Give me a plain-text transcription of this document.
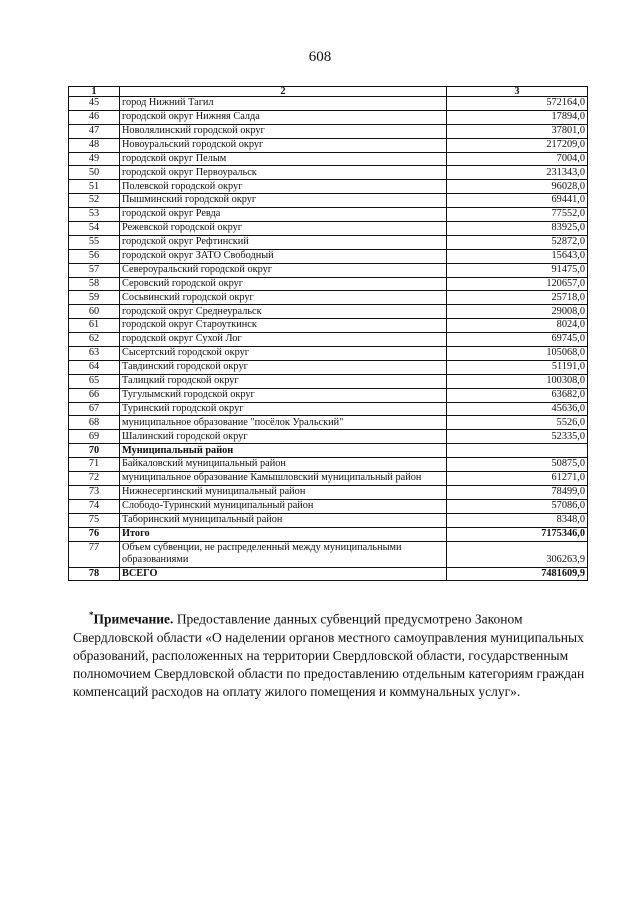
608
1	2	3
45	город Нижний Тагил	572164,0
46	городской округ Нижняя Салда	17894,0
47	Новолялинский городской округ	37801,0
48	Новоуральский городской округ	217209,0
49	городской округ Пелым	7004,0
50	городской округ Первоуральск	231343,0
51	Полевской городской округ	96028,0
52	Пышминский городской округ	69441,0
53	городской округ Ревда	77552,0
54	Режевской городской округ	83925,0
55	городской округ Рефтинский	52872,0
56	городской округ ЗАТО Свободный	15643,0
57	Североуральский городской округ	91475,0
58	Серовский городской округ	120657,0
59	Сосьвинский городской округ	25718,0
60	городской округ Среднеуральск	29008,0
61	городской округ Староуткинск	8024,0
62	городской округ Сухой Лог	69745,0
63	Сысертский городской округ	105068,0
64	Тавдинский городской округ	51191,0
65	Талицкий городской округ	100308,0
66	Тугулымский городской округ	63682,0
67	Туринский городской округ	45636,0
68	муниципальное образование "посёлок Уральский"	5526,0
69	Шалинский городской округ	52335,0
70	Муниципальный район	
71	Байкаловский муниципальный район	50875,0
72	муниципальное образование Камышловский муниципальный район	61271,0
73	Нижнесергинский муниципальный район	78499,0
74	Слободо-Туринский муниципальный район	57086,0
75	Таборинский муниципальный район	8348,0
76	Итого	7175346,0
77	Объем субвенции, не распределенный между муниципальными образованиями	306263,9
78	ВСЕГО	7481609,9
*Примечание. Предоставление данных субвенций предусмотрено Законом Свердловской области «О наделении органов местного самоуправления муниципальных образований, расположенных на территории Свердловской области, государственным полномочием Свердловской области по предоставлению отдельным категориям граждан компенсаций расходов на оплату жилого помещения и коммунальных услуг».
